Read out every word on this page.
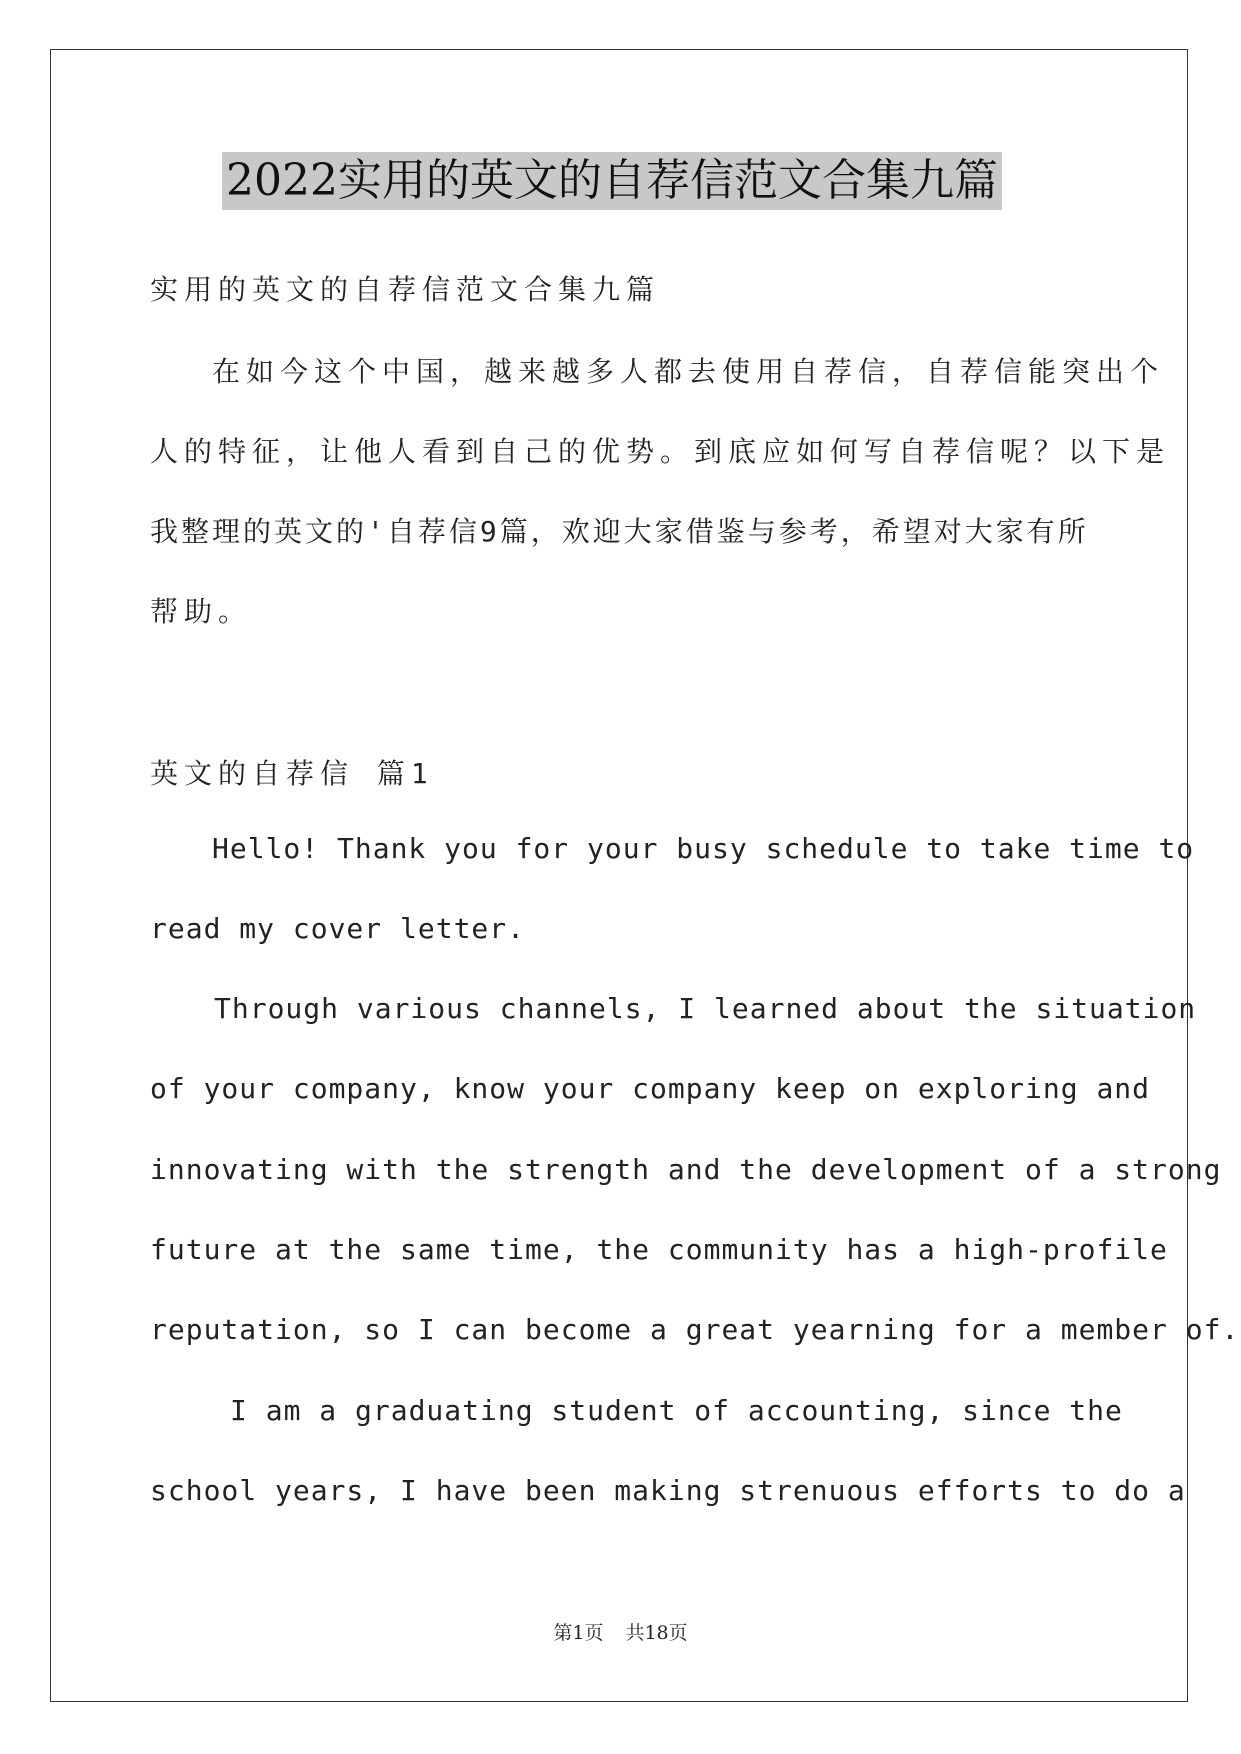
2022实用的英文的自荐信范文合集九篇
实用的英文的自荐信范文合集九篇
在如今这个中国，越来越多人都去使用自荐信，自荐信能突出个
人的特征，让他人看到自己的优势。到底应如何写自荐信呢？以下是
我整理的英文的'自荐信9篇，欢迎大家借鉴与参考，希望对大家有所
帮助。
英文的自荐信 篇1
Hello! Thank you for your busy schedule to take time to
read my cover letter.
Through various channels, I learned about the situation
of your company, know your company keep on exploring and
innovating with the strength and the development of a strong
future at the same time, the community has a high-profile
reputation, so I can become a great yearning for a member of.
I am a graduating student of accounting, since the
school years, I have been making strenuous efforts to do a
第1页 共18页
